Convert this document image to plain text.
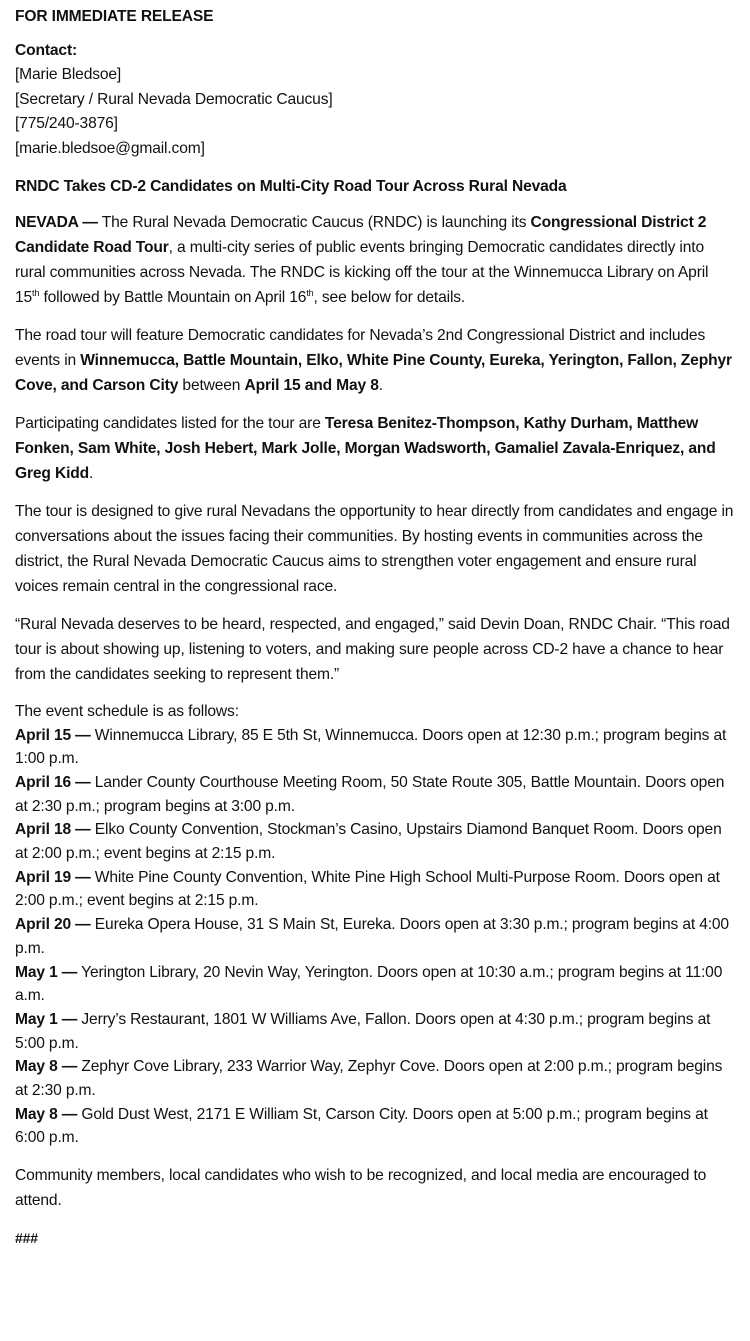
FOR IMMEDIATE RELEASE
Contact:
[Marie Bledsoe]
[Secretary / Rural Nevada Democratic Caucus]
[775/240-3876]
[marie.bledsoe@gmail.com]
RNDC Takes CD-2 Candidates on Multi-City Road Tour Across Rural Nevada

NEVADA — The Rural Nevada Democratic Caucus (RNDC) is launching its Congressional District 2 Candidate Road Tour, a multi-city series of public events bringing Democratic candidates directly into rural communities across Nevada. The RNDC is kicking off the tour at the Winnemucca Library on April 15th followed by Battle Mountain on April 16th, see below for details.

The road tour will feature Democratic candidates for Nevada’s 2nd Congressional District and includes events in Winnemucca, Battle Mountain, Elko, White Pine County, Eureka, Yerington, Fallon, Zephyr Cove, and Carson City between April 15 and May 8.

Participating candidates listed for the tour are Teresa Benitez-Thompson, Kathy Durham, Matthew Fonken, Sam White, Josh Hebert, Mark Jolle, Morgan Wadsworth, Gamaliel Zavala-Enriquez, and Greg Kidd.

The tour is designed to give rural Nevadans the opportunity to hear directly from candidates and engage in conversations about the issues facing their communities. By hosting events in communities across the district, the Rural Nevada Democratic Caucus aims to strengthen voter engagement and ensure rural voices remain central in the congressional race.

“Rural Nevada deserves to be heard, respected, and engaged,” said Devin Doan, RNDC Chair. “This road tour is about showing up, listening to voters, and making sure people across CD-2 have a chance to hear from the candidates seeking to represent them.”

The event schedule is as follows:
April 15 — Winnemucca Library, 85 E 5th St, Winnemucca. Doors open at 12:30 p.m.; program begins at 1:00 p.m.
April 16 — Lander County Courthouse Meeting Room, 50 State Route 305, Battle Mountain. Doors open at 2:30 p.m.; program begins at 3:00 p.m.
April 18 — Elko County Convention, Stockman’s Casino, Upstairs Diamond Banquet Room. Doors open at 2:00 p.m.; event begins at 2:15 p.m.
April 19 — White Pine County Convention, White Pine High School Multi-Purpose Room. Doors open at 2:00 p.m.; event begins at 2:15 p.m.
April 20 — Eureka Opera House, 31 S Main St, Eureka. Doors open at 3:30 p.m.; program begins at 4:00 p.m.
May 1 — Yerington Library, 20 Nevin Way, Yerington. Doors open at 10:30 a.m.; program begins at 11:00 a.m.
May 1 — Jerry’s Restaurant, 1801 W Williams Ave, Fallon. Doors open at 4:30 p.m.; program begins at 5:00 p.m.
May 8 — Zephyr Cove Library, 233 Warrior Way, Zephyr Cove. Doors open at 2:00 p.m.; program begins at 2:30 p.m.
May 8 — Gold Dust West, 2171 E William St, Carson City. Doors open at 5:00 p.m.; program begins at 6:00 p.m.

Community members, local candidates who wish to be recognized, and local media are encouraged to attend.

###
